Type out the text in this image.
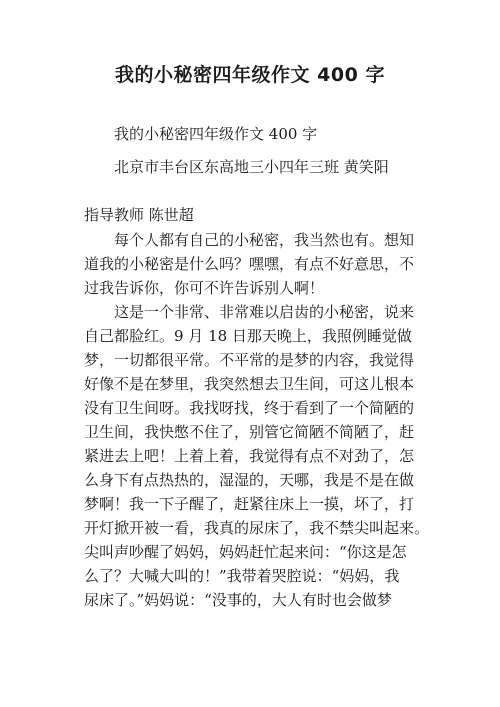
我的小秘密四年级作文 400 字
我的小秘密四年级作文 400 字
北京市丰台区东高地三小四年三班 黄笑阳
指导教师 陈世超
每个人都有自己的小秘密，我当然也有。想知
道我的小秘密是什么吗？嘿嘿，有点不好意思，不
过我告诉你，你可不许告诉别人啊！
这是一个非常、非常难以启齿的小秘密，说来
自己都脸红。9 月 18 日那天晚上，我照例睡觉做
梦，一切都很平常。不平常的是梦的内容，我觉得
好像不是在梦里，我突然想去卫生间，可这儿根本
没有卫生间呀。我找呀找，终于看到了一个简陋的
卫生间，我快憋不住了，别管它简陋不简陋了，赶
紧进去上吧！上着上着，我觉得有点不对劲了，怎
么身下有点热热的，湿湿的，天哪，我是不是在做
梦啊！我一下子醒了，赶紧往床上一摸，坏了，打
开灯掀开被一看，我真的尿床了，我不禁尖叫起来。
尖叫声吵醒了妈妈，妈妈赶忙起来问：“你这是怎
么了？大喊大叫的！”我带着哭腔说：“妈妈，我
尿床了。”妈妈说：“没事的，大人有时也会做梦
